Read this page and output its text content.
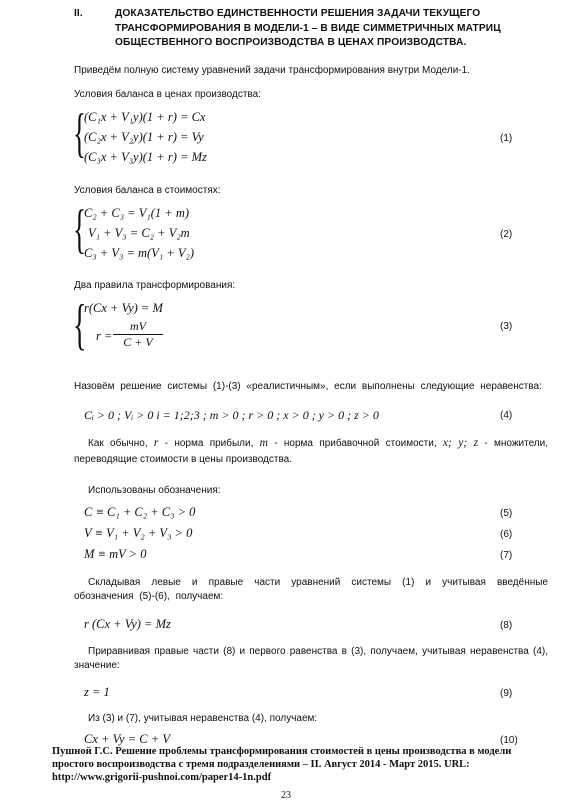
II.	ДОКАЗАТЕЛЬСТВО ЕДИНСТВЕННОСТИ РЕШЕНИЯ ЗАДАЧИ ТЕКУЩЕГО ТРАНСФОРМИРОВАНИЯ В МОДЕЛИ-1 – В ВИДЕ СИММЕТРИЧНЫХ МАТРИЦ ОБЩЕСТВЕННОГО ВОСПРОИЗВОДСТВА В ЦЕНАХ ПРОИЗВОДСТВА.
Приведём полную систему уравнений задачи трансформирования внутри Модели-1.
Условия баланса в ценах производства:
{
(C₁x + V₁y)(1 + r) = Cx
(C₂x + V₂y)(1 + r) = Vy
(C₃x + V₃y)(1 + r) = Mz
(1)
Условия баланса в стоимостях:
{
C₂ + C₃ = V₁(1 + m)
V₁ + V₃ = C₂ + V₂m
C₃ + V₃ = m(V₁ + V₂)
(2)
Два правила трансформирования:
{
r(Cx + Vy) = M
$r = \frac{mV}{C + V}$	(3)
Назовём решение системы (1)-(3) «реалистичным», если выполнены следующие неравенства:
Cᵢ > 0 ; Vᵢ > 0 i = 1;2;3 ; m > 0 ; r > 0 ; x > 0 ; y > 0 ; z > 0	(4)
Как обычно, r - норма прибыли, m - норма прибавочной стоимости, x; y; z - множители, переводящие стоимости в цены производства.
Использованы обозначения:
C ≡ C₁ + C₂ + C₃ > 0	(5)
V ≡ V₁ + V₂ + V₃ > 0	(6)
M ≡ mV > 0	(7)
Складывая левые и правые части уравнений системы (1) и учитывая введённые обозначения (5)-(6), получаем:
r (Cx + Vy) = Mz	(8)
Приравнивая правые части (8) и первого равенства в (3), получаем, учитывая неравенства (4), значение:
z = 1	(9)
Из (3) и (7), учитывая неравенства (4), получаем:
Cx + Vy = C + V	(10)
Пушной Г.С. Решение проблемы трансформирования стоимостей в цены производства в модели простого воспроизводства с тремя подразделениями – II. Август 2014 - Март 2015. URL: http://www.grigorii-pushnoi.com/paper14-1n.pdf
23
